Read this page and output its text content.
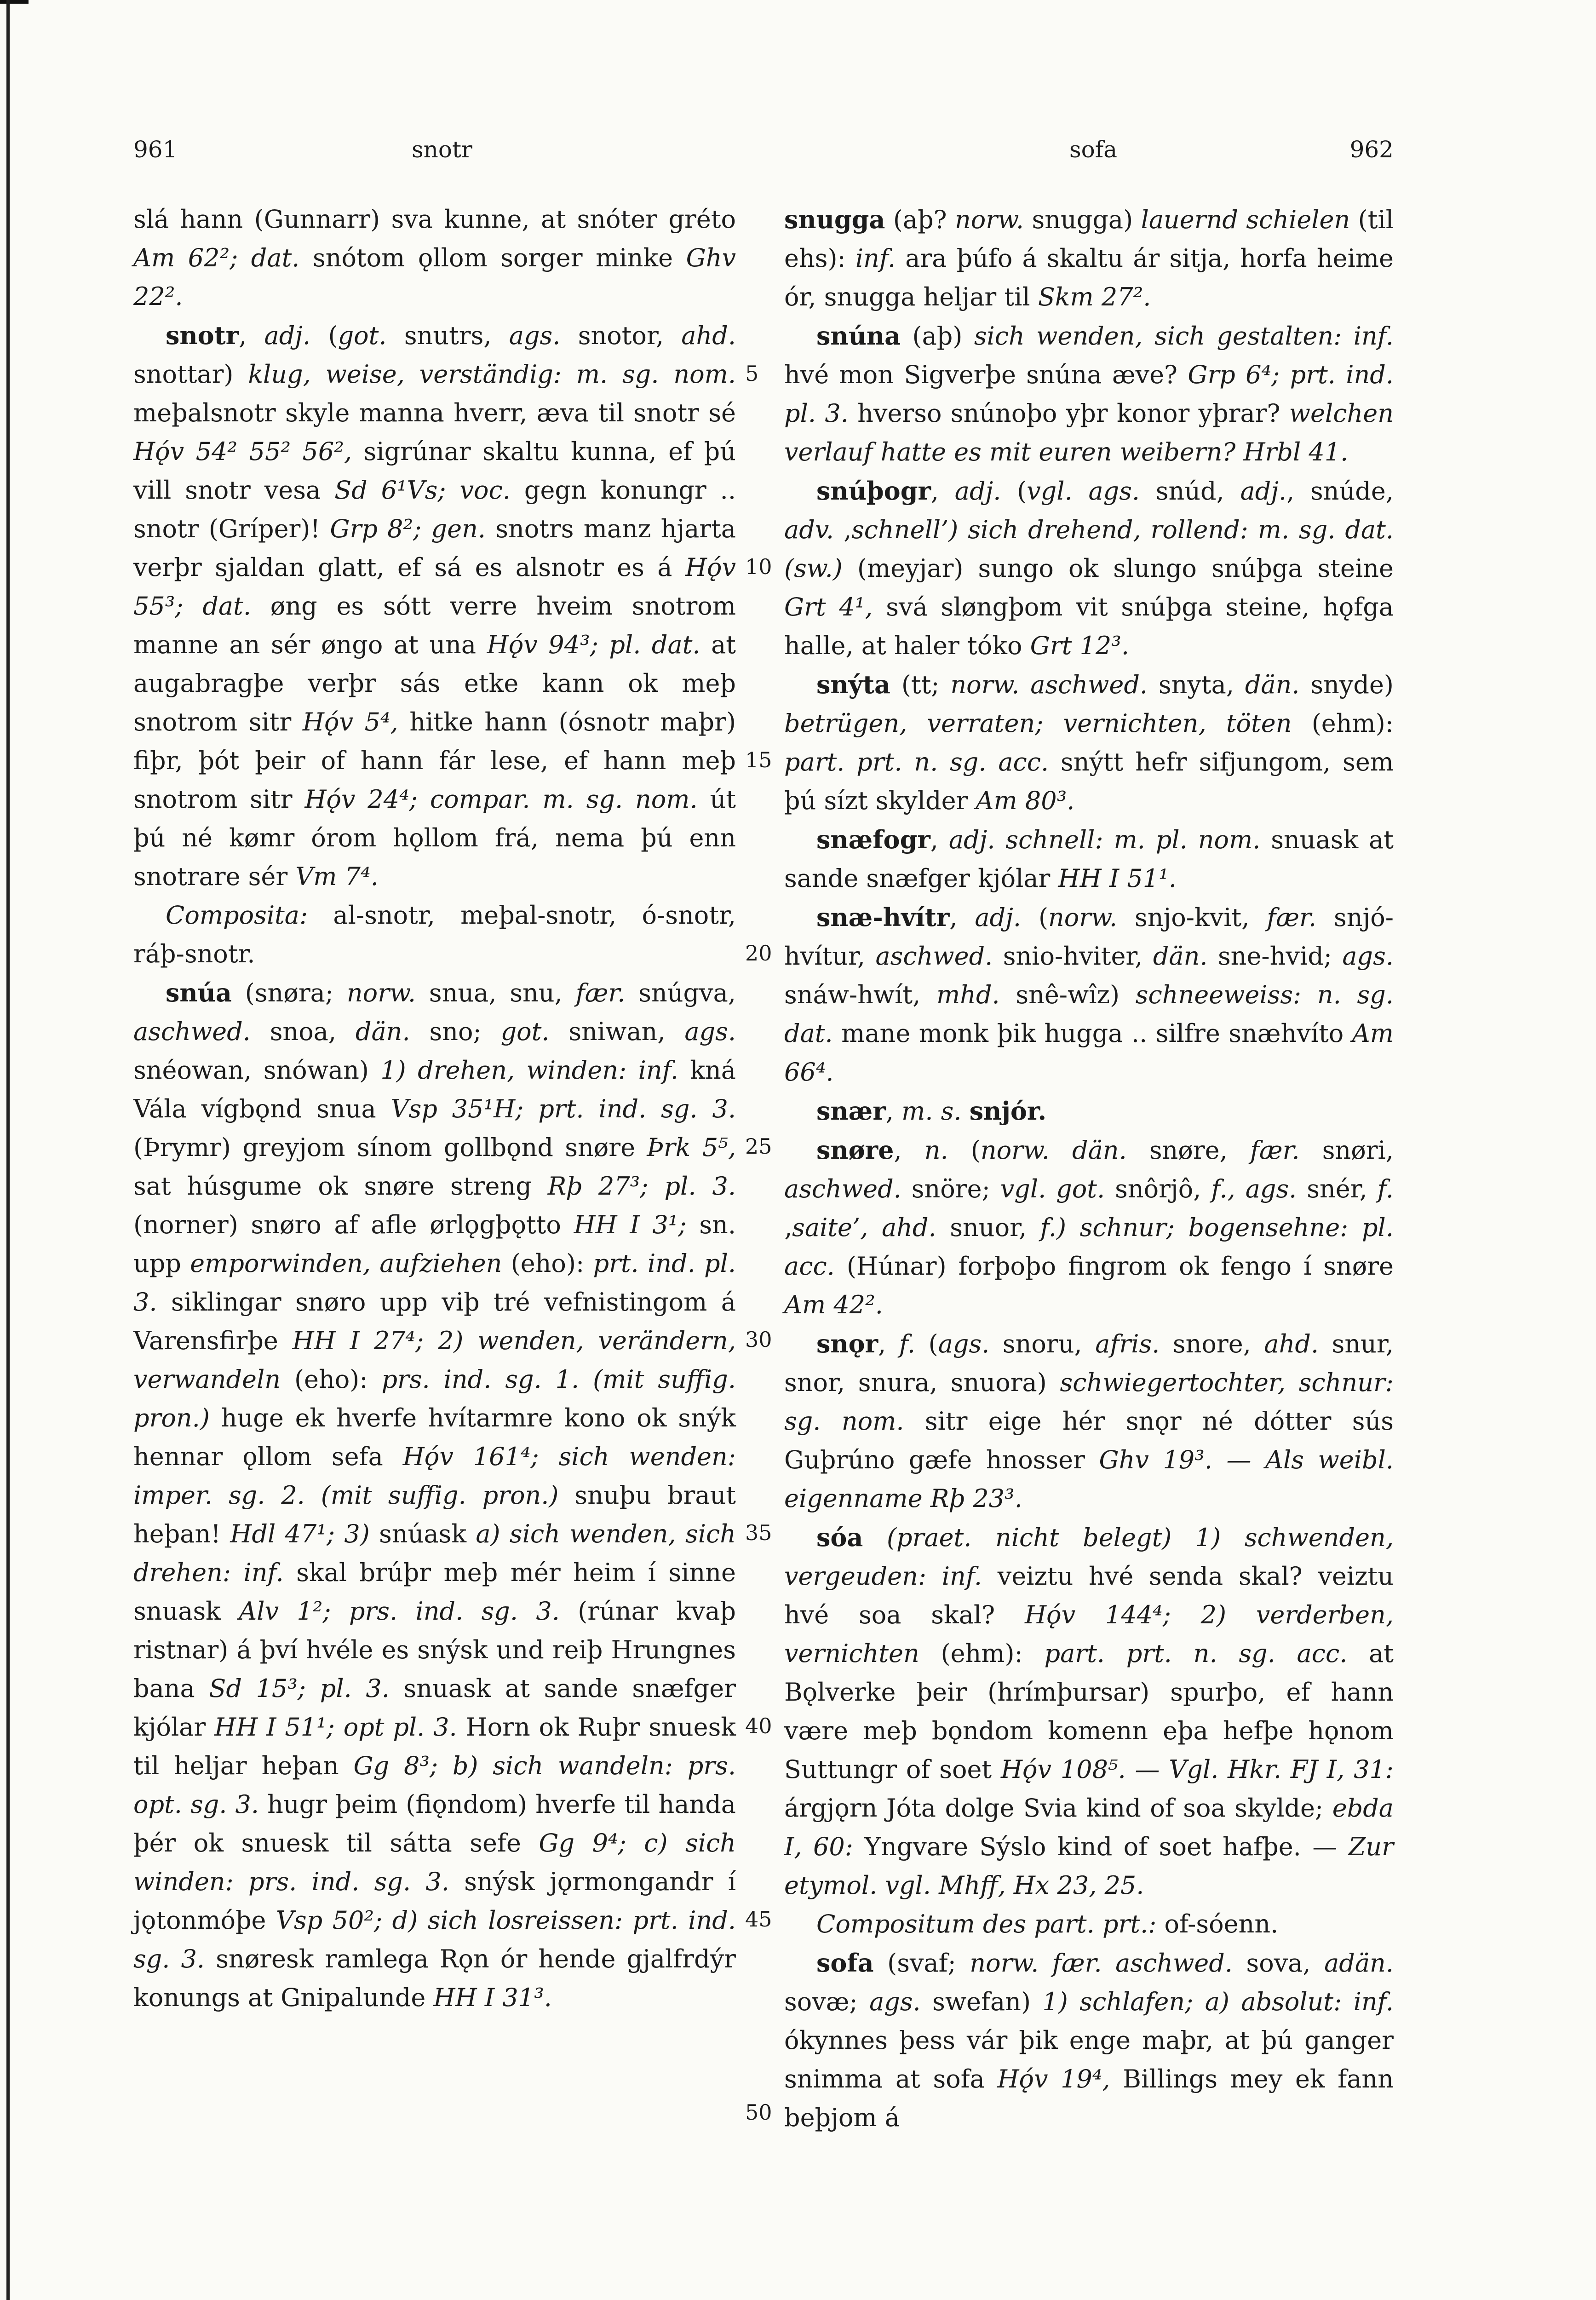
961	snotr	sofa	962

slá hann (Gunnarr) sva kunne, at snóter gréto Am 62²; dat. snótom ǫllom sorger minke Ghv 22².

snotr, adj. (got. snutrs, ags. snotor, ahd. snottar) klug, weise, verständig: m. sg. nom. meþalsnotr skyle manna hverr, æva til snotr sé Hǫ́v 54² 55² 56², sigrúnar skaltu kunna, ef þú vill snotr vesa Sd 6¹Vs; voc. gegn konungr .. snotr (Gríper)! Grp 8²; gen. snotrs manz hjarta verþr sjaldan glatt, ef sá es alsnotr es á Hǫ́v 55³; dat. øng es sótt verre hveim snotrom manne an sér øngo at una Hǫ́v 94³; pl. dat. at augabragþe verþr sás etke kann ok meþ snotrom sitr Hǫ́v 5⁴, hitke hann (ósnotr maþr) fiþr, þót þeir of hann fár lese, ef hann meþ snotrom sitr Hǫ́v 24⁴; compar. m. sg. nom. út þú né kømr órom hǫllom frá, nema þú enn snotrare sér Vm 7⁴.

Composita: al-snotr, meþal-snotr, ó-snotr, ráþ-snotr.

snúa (snøra; norw. snua, snu, fær. snúgva, aschwed. snoa, dän. sno; got. sniwan, ags. snéowan, snówan) 1) drehen, winden: inf. kná Vála vígbǫnd snua Vsp 35¹H; prt. ind. sg. 3. (Þrymr) greyjom sínom gollbǫnd snøre Þrk 5⁵, sat húsgume ok snøre streng Rþ 27³; pl. 3. (norner) snøro af afle ørlǫgþǫtto HH I 3¹; sn. upp emporwinden, aufziehen (eho): prt. ind. pl. 3. siklingar snøro upp viþ tré vefnistingom á Varensfirþe HH I 27⁴; 2) wenden, verändern, verwandeln (eho): prs. ind. sg. 1. (mit suffig. pron.) huge ek hverfe hvítarmre kono ok snýk hennar ǫllom sefa Hǫ́v 161⁴; sich wenden: imper. sg. 2. (mit suffig. pron.) snuþu braut heþan! Hdl 47¹; 3) snúask a) sich wenden, sich drehen: inf. skal brúþr meþ mér heim í sinne snuask Alv 1²; prs. ind. sg. 3. (rúnar kvaþ ristnar) á því hvéle es snýsk und reiþ Hrungnes bana Sd 15³; pl. 3. snuask at sande snæfger kjólar HH I 51¹; opt pl. 3. Horn ok Ruþr snuesk til heljar heþan Gg 8³; b) sich wandeln: prs. opt. sg. 3. hugr þeim (fiǫndom) hverfe til handa þér ok snuesk til sátta sefe Gg 9⁴; c) sich winden: prs. ind. sg. 3. snýsk jǫrmongandr í jǫtonmóþe Vsp 50²; d) sich losreissen: prt. ind. sg. 3. snøresk ramlega Rǫn ór hende gjalfrdýr konungs at Gnipalunde HH I 31³.

5
10
15
20
25
30
35
40
45
50

snugga (aþ? norw. snugga) lauernd schielen (til ehs): inf. ara þúfo á skaltu ár sitja, horfa heime ór, snugga heljar til Skm 27².

snúna (aþ) sich wenden, sich gestalten: inf. hvé mon Sigverþe snúna æve? Grp 6⁴; prt. ind. pl. 3. hverso snúnoþo yþr konor yþrar? welchen verlauf hatte es mit euren weibern? Hrbl 41.

snúþogr, adj. (vgl. ags. snúd, adj., snúde, adv. ‚schnell’) sich drehend, rollend: m. sg. dat. (sw.) (meyjar) sungo ok slungo snúþga steine Grt 4¹, svá sløngþom vit snúþga steine, hǫfga halle, at haler tóko Grt 12³.

snýta (tt; norw. aschwed. snyta, dän. snyde) betrügen, verraten; vernichten, töten (ehm): part. prt. n. sg. acc. snýtt hefr sifjungom, sem þú sízt skylder Am 80³.

snæfogr, adj. schnell: m. pl. nom. snuask at sande snæfger kjólar HH I 51¹.

snæ-hvítr, adj. (norw. snjo-kvit, fær. snjó-hvítur, aschwed. snio-hviter, dän. sne-hvid; ags. snáw-hwít, mhd. snê-wîz) schneeweiss: n. sg. dat. mane monk þik hugga .. silfre snæhvíto Am 66⁴.

snær, m. s. snjór.

snøre, n. (norw. dän. snøre, fær. snøri, aschwed. snöre; vgl. got. snôrjô, f., ags. snér, f. ‚saite’, ahd. snuor, f.) schnur; bogensehne: pl. acc. (Húnar) forþoþo fingrom ok fengo í snøre Am 42².

snǫr, f. (ags. snoru, afris. snore, ahd. snur, snor, snura, snuora) schwiegertochter, schnur: sg. nom. sitr eige hér snǫr né dótter sús Guþrúno gæfe hnosser Ghv 19³. — Als weibl. eigenname Rþ 23³.

sóa (praet. nicht belegt) 1) schwenden, vergeuden: inf. veiztu hvé senda skal? veiztu hvé soa skal? Hǫ́v 144⁴; 2) verderben, vernichten (ehm): part. prt. n. sg. acc. at Bǫlverke þeir (hrímþursar) spurþo, ef hann være meþ bǫndom komenn eþa hefþe hǫnom Suttungr of soet Hǫ́v 108⁵. — Vgl. Hkr. FJ I, 31: árgjǫrn Jóta dolge Svia kind of soa skylde; ebda I, 60: Yngvare Sýslo kind of soet hafþe. — Zur etymol. vgl. Mhff, Hx 23, 25.

Compositum des part. prt.: of-sóenn.

sofa (svaf; norw. fær. aschwed. sova, adän. sovæ; ags. swefan) 1) schlafen; a) absolut: inf. ókynnes þess vár þik enge maþr, at þú ganger snimma at sofa Hǫ́v 19⁴, Billings mey ek fann beþjom á
